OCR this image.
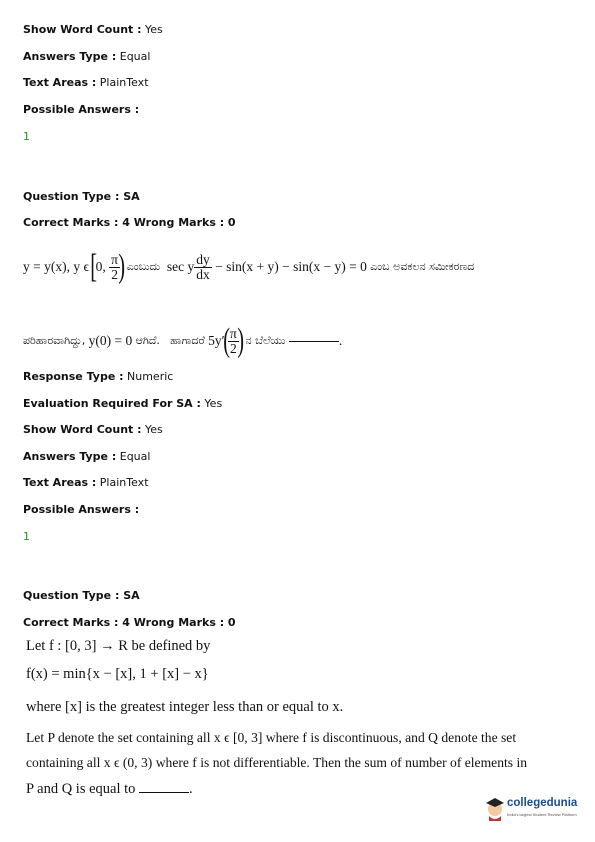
Show Word Count : Yes
Answers Type : Equal
Text Areas : PlainText
Possible Answers :
1
Question Type : SA
Correct Marks : 4 Wrong Marks : 0
y = y(x), y ϵ
[
0,
$\frac{\pi}{2}$
)
ಎಂಬುದು
sec y $\frac{dy}{dx}$
− sin(x + y) − sin(x − y) = 0
ಎಂಬ ಅವಕಲನ ಸಮೀಕರಣದ
ಪರಿಹಾರವಾಗಿದ್ದು,
y(0) = 0
ಆಗಿದೆ.
ಹಾಗಾದರೆ
5y′
(
$\frac{\pi}{2}$
)
ನ ಬೆಲೆಯು
	.
Response Type : Numeric
Evaluation Required For SA : Yes
Show Word Count : Yes
Answers Type : Equal
Text Areas : PlainText
Possible Answers :
1
Question Type : SA
Correct Marks : 4 Wrong Marks : 0
Let f : [0, 3] → R be defined by
f(x) = min{x − [x], 1 + [x] − x}
where [x] is the greatest integer less than or equal to x.
Let P denote the set containing all x ϵ [0, 3] where f is discontinuous, and Q denote the set
containing all x ϵ (0, 3) where f is not differentiable. Then the sum of number of elements in
P and Q is equal to	.
collegedunia
India's largest Student Review Platform
